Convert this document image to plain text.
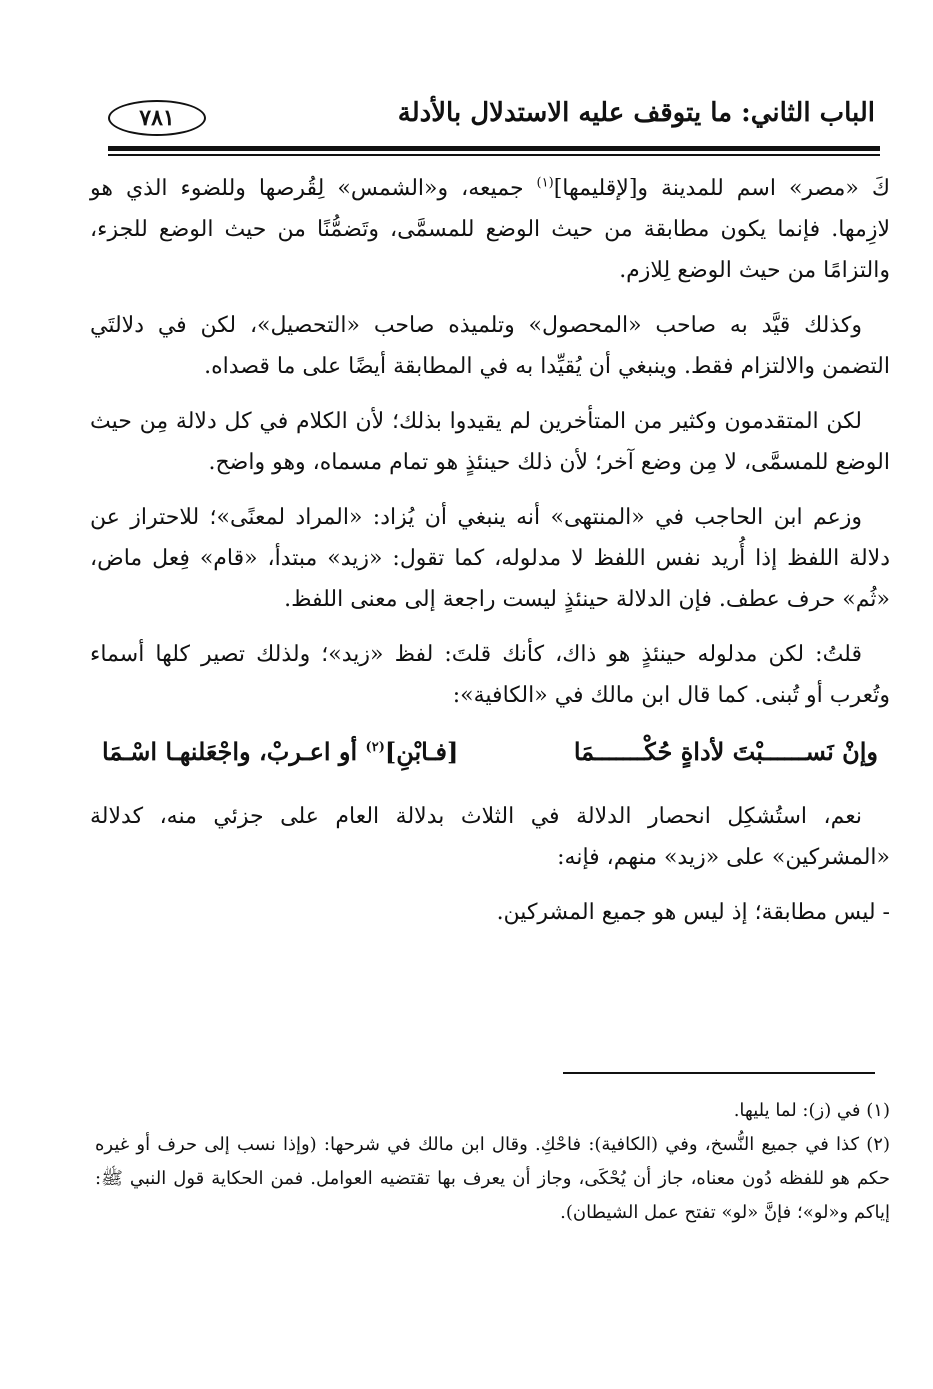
الباب الثاني: ما يتوقف عليه الاستدلال بالأدلة
٧٨١

كَ «مصر» اسم للمدينة و[لإقليمها]$^{(١)}$ جميعه، و«الشمس» لِقُرصها وللضوء الذي هو لازِمها. فإنما يكون مطابقة من حيث الوضع للمسمَّى، وتَضمُّنًا من حيث الوضع للجزء، والتزامًا من حيث الوضع لِلازم.

وكذلك قيَّد به صاحب «المحصول» وتلميذه صاحب «التحصيل»، لكن في دلالتَي التضمن والالتزام فقط. وينبغي أن يُقيِّدا به في المطابقة أيضًا على ما قصداه.

لكن المتقدمون وكثير من المتأخرين لم يقيدوا بذلك؛ لأن الكلام في كل دلالة مِن حيث الوضع للمسمَّى، لا مِن وضع آخر؛ لأن ذلك حينئذٍ هو تمام مسماه، وهو واضح.

وزعم ابن الحاجب في «المنتهى» أنه ينبغي أن يُزاد: «المراد لمعنًى»؛ للاحتراز عن دلالة اللفظ إذا أُريد نفس اللفظ لا مدلوله، كما تقول: «زيد» مبتدأ، «قام» فِعل ماض، «ثُم» حرف عطف. فإن الدلالة حينئذٍ ليست راجعة إلى معنى اللفظ.

قلتُ: لكن مدلوله حينئذٍ هو ذاك، كأنك قلتَ: لفظ «زيد»؛ ولذلك تصير كلها أسماء وتُعرب أو تُبنى. كما قال ابن مالك في «الكافية»:

وإنْ نَســــــبْتَ لأداةٍ حُكْـــــــمَا
[فـابْنِ]$^{(٢)}$ أو اعـربْ، واجْعَلنهـا اسْـمَا

نعم، استُشكِل انحصار الدلالة في الثلاث بدلالة العام على جزئي منه، كدلالة «المشركين» على «زيد» منهم، فإنه:

- ليس مطابقة؛ إذ ليس هو جميع المشركين.

(١) في (ز): لما يليها.

(٢) كذا في جميع النُّسخ، وفي (الكافية): فاحْكِ. وقال ابن مالك في شرحها: (وإذا نسب إلى حرف أو غيره حكم هو للفظه دُون معناه، جاز أن يُحْكَى، وجاز أن يعرف بها تقتضيه العوامل. فمن الحكاية قول النبي ﷺ: إياكم و«لو»؛ فإنَّ «لو» تفتح عمل الشيطان).
